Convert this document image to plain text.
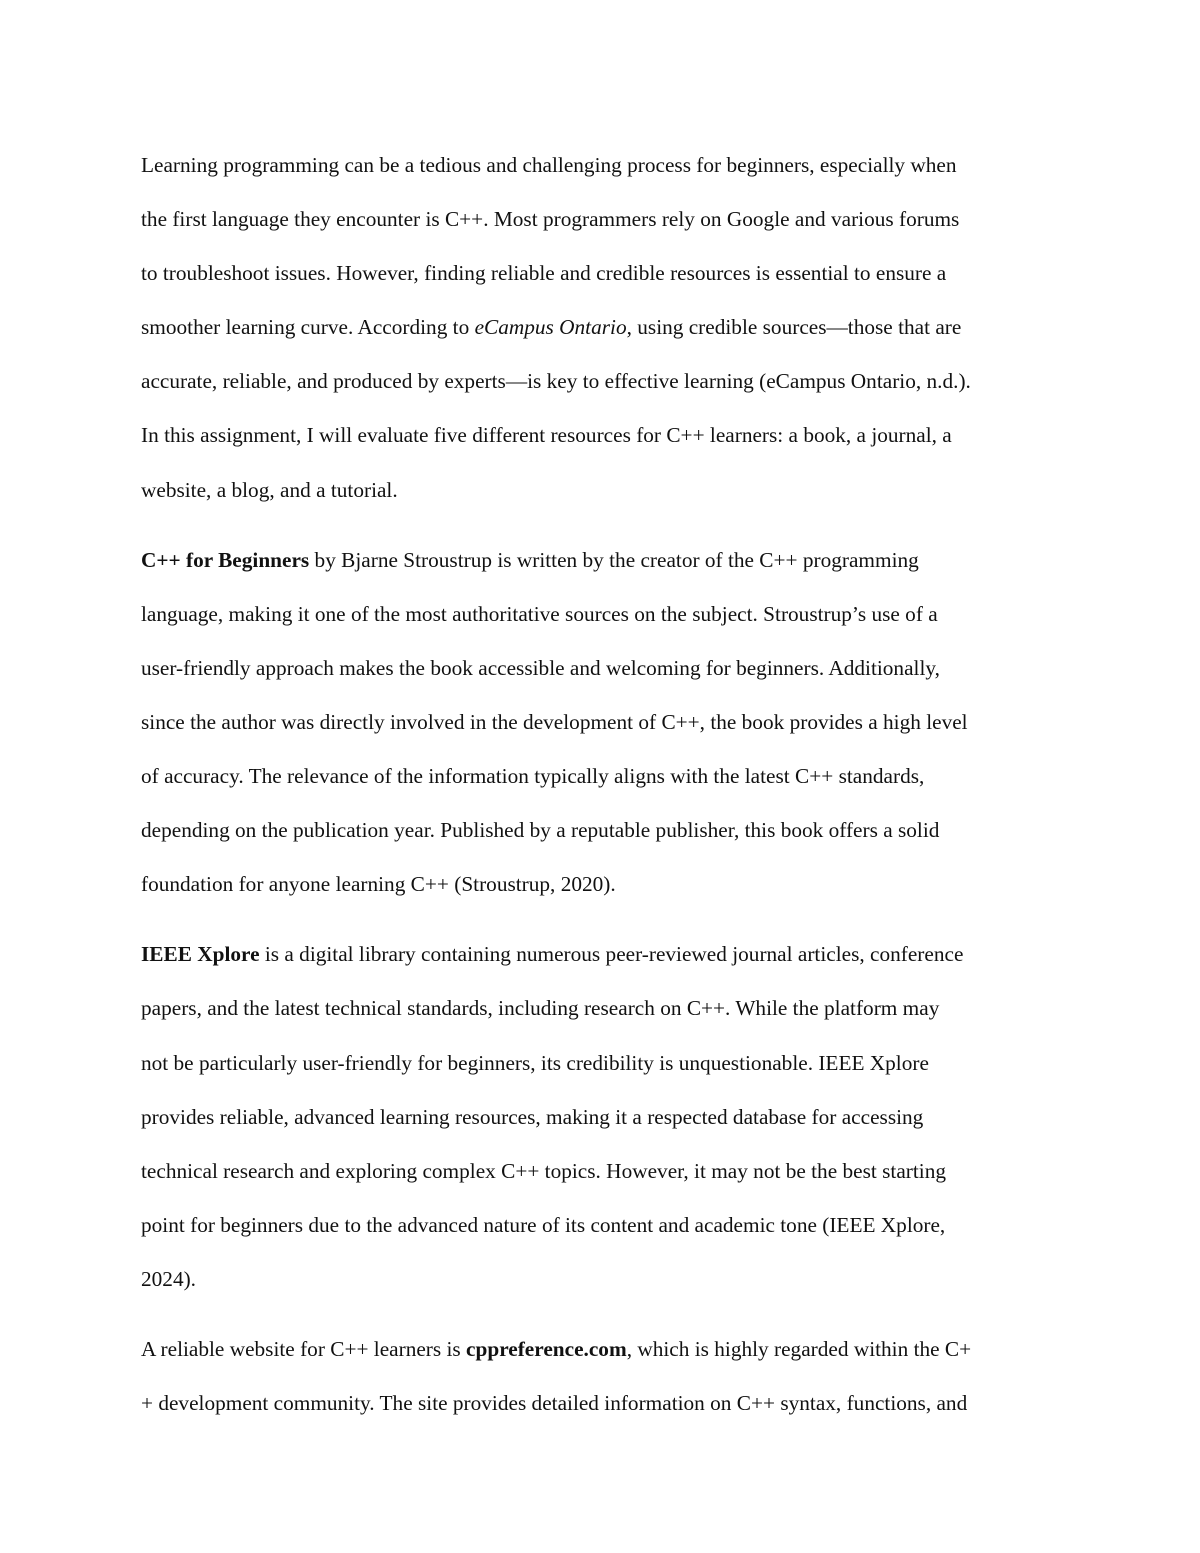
Learning programming can be a tedious and challenging process for beginners, especially when
the first language they encounter is C++. Most programmers rely on Google and various forums
to troubleshoot issues. However, finding reliable and credible resources is essential to ensure a
smoother learning curve. According to eCampus Ontario, using credible sources—those that are
accurate, reliable, and produced by experts—is key to effective learning (eCampus Ontario, n.d.).
In this assignment, I will evaluate five different resources for C++ learners: a book, a journal, a
website, a blog, and a tutorial.

C++ for Beginners by Bjarne Stroustrup is written by the creator of the C++ programming
language, making it one of the most authoritative sources on the subject. Stroustrup’s use of a
user-friendly approach makes the book accessible and welcoming for beginners. Additionally,
since the author was directly involved in the development of C++, the book provides a high level
of accuracy. The relevance of the information typically aligns with the latest C++ standards,
depending on the publication year. Published by a reputable publisher, this book offers a solid
foundation for anyone learning C++ (Stroustrup, 2020).

IEEE Xplore is a digital library containing numerous peer-reviewed journal articles, conference
papers, and the latest technical standards, including research on C++. While the platform may
not be particularly user-friendly for beginners, its credibility is unquestionable. IEEE Xplore
provides reliable, advanced learning resources, making it a respected database for accessing
technical research and exploring complex C++ topics. However, it may not be the best starting
point for beginners due to the advanced nature of its content and academic tone (IEEE Xplore,
2024).

A reliable website for C++ learners is cppreference.com, which is highly regarded within the C+
+ development community. The site provides detailed information on C++ syntax, functions, and
